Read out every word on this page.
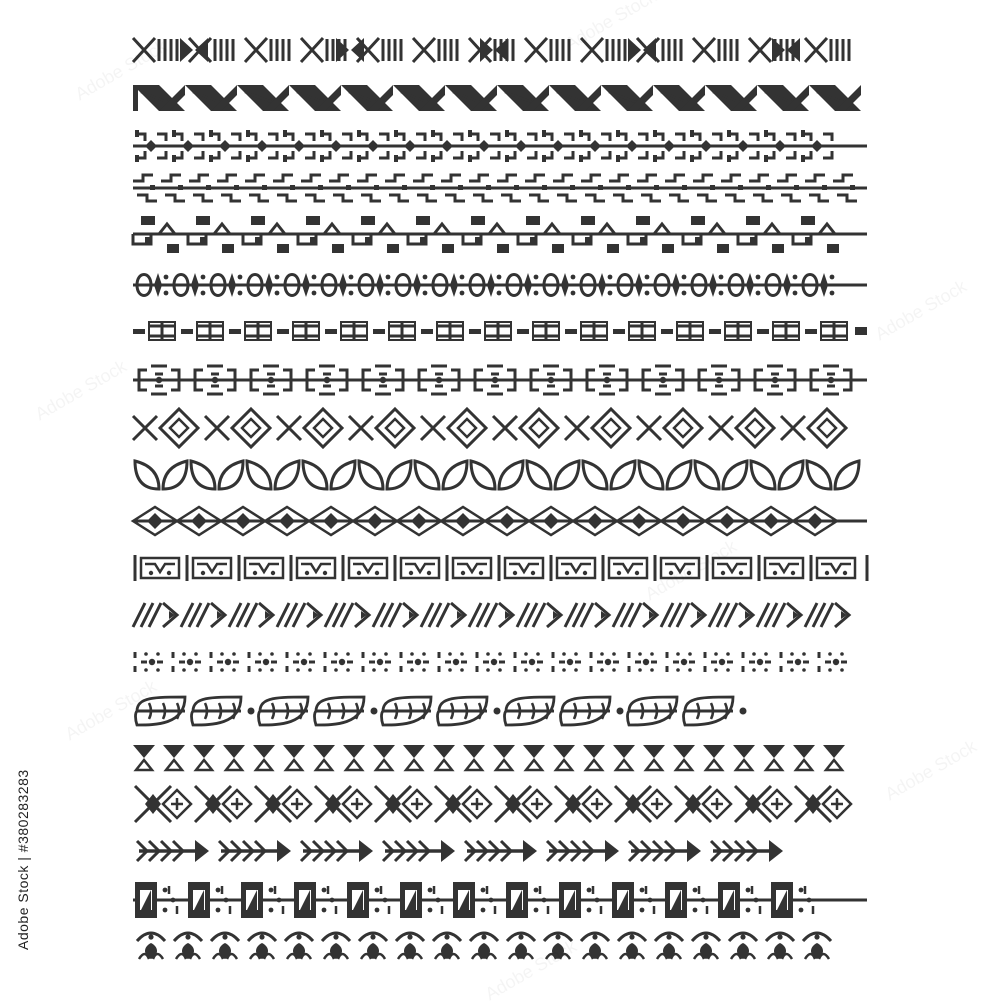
Adobe Stock | #380283283
